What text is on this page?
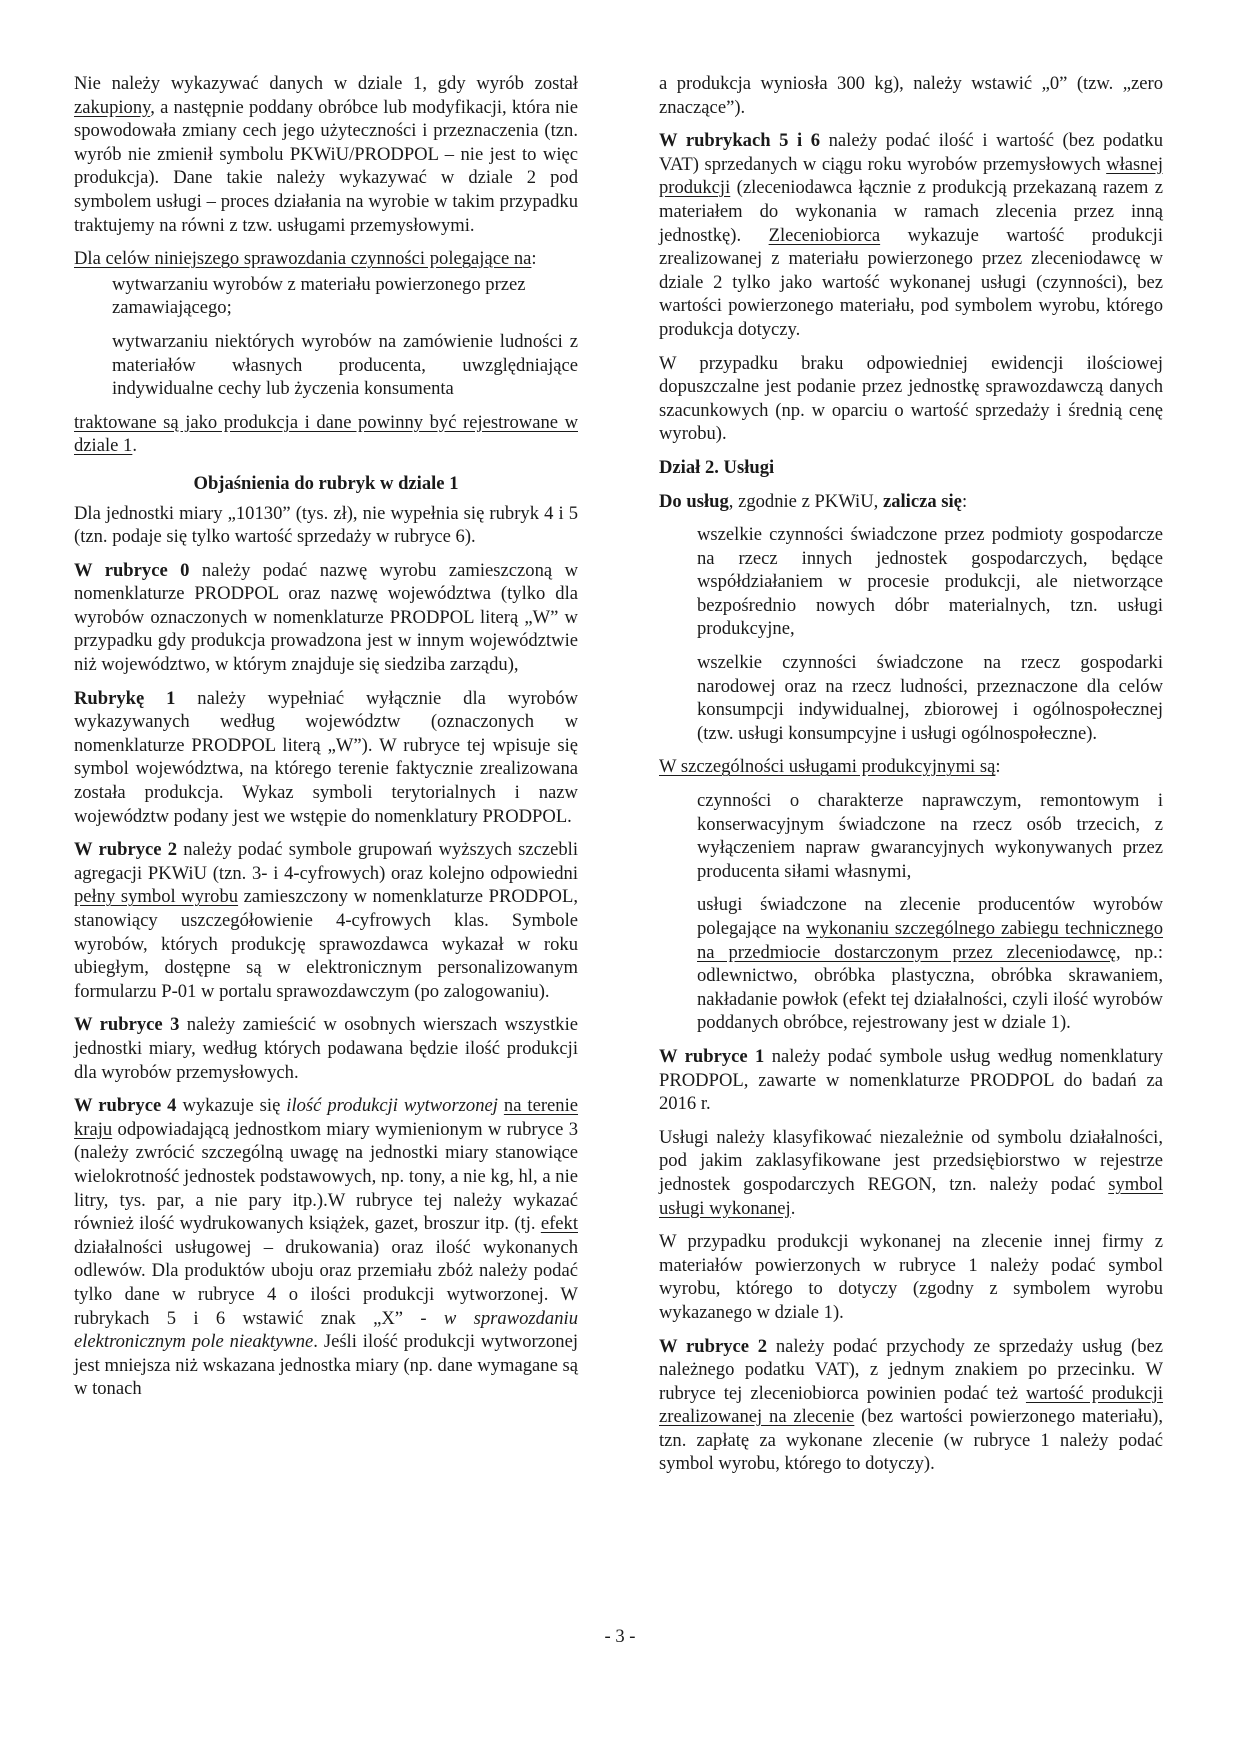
Nie należy wykazywać danych w dziale 1, gdy wyrób został zakupiony, a następnie poddany obróbce lub modyfikacji, która nie spowodowała zmiany cech jego użyteczności i przeznaczenia (tzn. wyrób nie zmienił symbolu PKWiU/PRODPOL – nie jest to więc produkcja). Dane takie należy wykazywać w dziale 2 pod symbolem usługi – proces działania na wyrobie w takim przypadku traktujemy na równi z tzw. usługami przemysłowymi.

Dla celów niniejszego sprawozdania czynności polegające na:

wytwarzaniu wyrobów z materiału powierzonego przez zamawiającego;
wytwarzaniu niektórych wyrobów na zamówienie ludności z materiałów własnych producenta, uwzględniające indywidualne cechy lub życzenia konsumenta

traktowane są jako produkcja i dane powinny być rejestrowane w dziale 1.

Objaśnienia do rubryk w dziale 1

Dla jednostki miary „10130” (tys. zł), nie wypełnia się rubryk 4 i 5 (tzn. podaje się tylko wartość sprzedaży w rubryce 6).

W rubryce 0 należy podać nazwę wyrobu zamieszczoną w nomenklaturze PRODPOL oraz nazwę województwa (tylko dla wyrobów oznaczonych w nomenklaturze PRODPOL literą „W” w przypadku gdy produkcja prowadzona jest w innym województwie niż województwo, w którym znajduje się siedziba zarządu),

Rubrykę 1 należy wypełniać wyłącznie dla wyrobów wykazywanych według województw (oznaczonych w nomenklaturze PRODPOL literą „W”). W rubryce tej wpisuje się symbol województwa, na którego terenie faktycznie zrealizowana została produkcja. Wykaz symboli terytorialnych i nazw województw podany jest we wstępie do nomenklatury PRODPOL.

W rubryce 2 należy podać symbole grupowań wyższych szczebli agregacji PKWiU (tzn. 3- i 4-cyfrowych) oraz kolejno odpowiedni pełny symbol wyrobu zamieszczony w nomenklaturze PRODPOL, stanowiący uszczegółowienie 4-cyfrowych klas. Symbole wyrobów, których produkcję sprawozdawca wykazał w roku ubiegłym, dostępne są w elektronicznym personalizowanym formularzu P-01 w portalu sprawozdawczym (po zalogowaniu).

W rubryce 3 należy zamieścić w osobnych wierszach wszystkie jednostki miary, według których podawana będzie ilość produkcji dla wyrobów przemysłowych.

W rubryce 4 wykazuje się ilość produkcji wytworzonej na terenie kraju odpowiadającą jednostkom miary wymienionym w rubryce 3 (należy zwrócić szczególną uwagę na jednostki miary stanowiące wielokrotność jednostek podstawowych, np. tony, a nie kg, hl, a nie litry, tys. par, a nie pary itp.).W rubryce tej należy wykazać również ilość wydrukowanych książek, gazet, broszur itp. (tj. efekt działalności usługowej – drukowania) oraz ilość wykonanych odlewów. Dla produktów uboju oraz przemiału zbóż należy podać tylko dane w rubryce 4 o ilości produkcji wytworzonej. W rubrykach 5 i 6 wstawić znak „X” - w sprawozdaniu elektronicznym pole nieaktywne. Jeśli ilość produkcji wytworzonej jest mniejsza niż wskazana jednostka miary (np. dane wymagane są w tonach

a produkcja wyniosła 300 kg), należy wstawić „0” (tzw. „zero znaczące”).

W rubrykach 5 i 6 należy podać ilość i wartość (bez podatku VAT) sprzedanych w ciągu roku wyrobów przemysłowych własnej produkcji (zleceniodawca łącznie z produkcją przekazaną razem z materiałem do wykonania w ramach zlecenia przez inną jednostkę). Zleceniobiorca wykazuje wartość produkcji zrealizowanej z materiału powierzonego przez zleceniodawcę w dziale 2 tylko jako wartość wykonanej usługi (czynności), bez wartości powierzonego materiału, pod symbolem wyrobu, którego produkcja dotyczy.

W przypadku braku odpowiedniej ewidencji ilościowej dopuszczalne jest podanie przez jednostkę sprawozdawczą danych szacunkowych (np. w oparciu o wartość sprzedaży i średnią cenę wyrobu).

Dział 2. Usługi

Do usług, zgodnie z PKWiU, zalicza się:

wszelkie czynności świadczone przez podmioty gospodarcze na rzecz innych jednostek gospodarczych, będące współdziałaniem w procesie produkcji, ale nietworzące bezpośrednio nowych dóbr materialnych, tzn. usługi produkcyjne,
wszelkie czynności świadczone na rzecz gospodarki narodowej oraz na rzecz ludności, przeznaczone dla celów konsumpcji indywidualnej, zbiorowej i ogólnospołecznej (tzw. usługi konsumpcyjne i usługi ogólnospołeczne).

W szczególności usługami produkcyjnymi są:

czynności o charakterze naprawczym, remontowym i konserwacyjnym świadczone na rzecz osób trzecich, z wyłączeniem napraw gwarancyjnych wykonywanych przez producenta siłami własnymi,
usługi świadczone na zlecenie producentów wyrobów polegające na wykonaniu szczególnego zabiegu technicznego na przedmiocie dostarczonym przez zleceniodawcę, np.: odlewnictwo, obróbka plastyczna, obróbka skrawaniem, nakładanie powłok (efekt tej działalności, czyli ilość wyrobów poddanych obróbce, rejestrowany jest w dziale 1).

W rubryce 1 należy podać symbole usług według nomenklatury PRODPOL, zawarte w nomenklaturze PRODPOL do badań za 2016 r.

Usługi należy klasyfikować niezależnie od symbolu działalności, pod jakim zaklasyfikowane jest przedsiębiorstwo w rejestrze jednostek gospodarczych REGON, tzn. należy podać symbol usługi wykonanej.

W przypadku produkcji wykonanej na zlecenie innej firmy z materiałów powierzonych w rubryce 1 należy podać symbol wyrobu, którego to dotyczy (zgodny z symbolem wyrobu wykazanego w dziale 1).

W rubryce 2 należy podać przychody ze sprzedaży usług (bez należnego podatku VAT), z jednym znakiem po przecinku. W rubryce tej zleceniobiorca powinien podać też wartość produkcji zrealizowanej na zlecenie (bez wartości powierzonego materiału), tzn. zapłatę za wykonane zlecenie (w rubryce 1 należy podać symbol wyrobu, którego to dotyczy).

- 3 -
